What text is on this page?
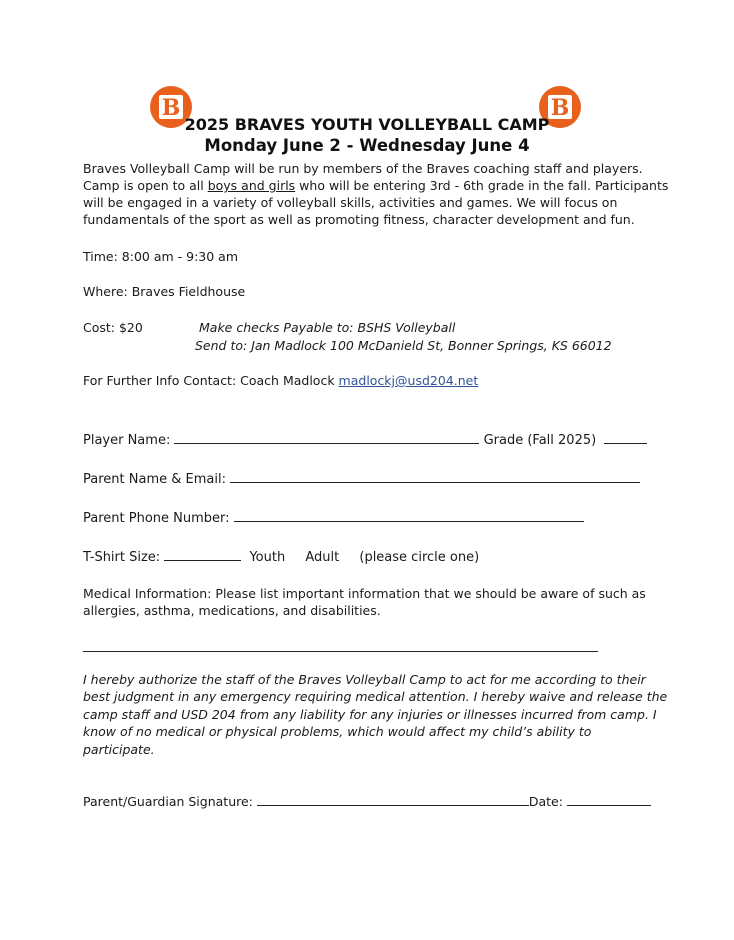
B	B
2025 BRAVES YOUTH VOLLEYBALL CAMP
Monday June 2 - Wednesday June 4

Braves Volleyball Camp will be run by members of the Braves coaching staff and players.

Camp is open to all boys and girls who will be entering 3rd - 6th grade in the fall. Participants

will be engaged in a variety of volleyball skills, activities and games. We will focus on

fundamentals of the sport as well as promoting fitness, character development and fun.

Time: 8:00 am - 9:30 am

Where: Braves Fieldhouse

Cost: $20	Make checks Payable to: BSHS Volleyball

Send to: Jan Madlock 100 McDanield St, Bonner Springs, KS 66012

For Further Info Contact: Coach Madlock madlockj@usd204.net

Player Name:	Grade (Fall 2025)
Parent Name & Email:
Parent Phone Number:
T-Shirt Size:	Youth Adult (please circle one)

Medical Information: Please list important information that we should be aware of such as

allergies, asthma, medications, and disabilities.

I hereby authorize the staff of the Braves Volleyball Camp to act for me according to their

best judgment in any emergency requiring medical attention. I hereby waive and release the

camp staff and USD 204 from any liability for any injuries or illnesses incurred from camp. I

know of no medical or physical problems, which would affect my child’s ability to

participate.

Parent/Guardian Signature:	Date:
